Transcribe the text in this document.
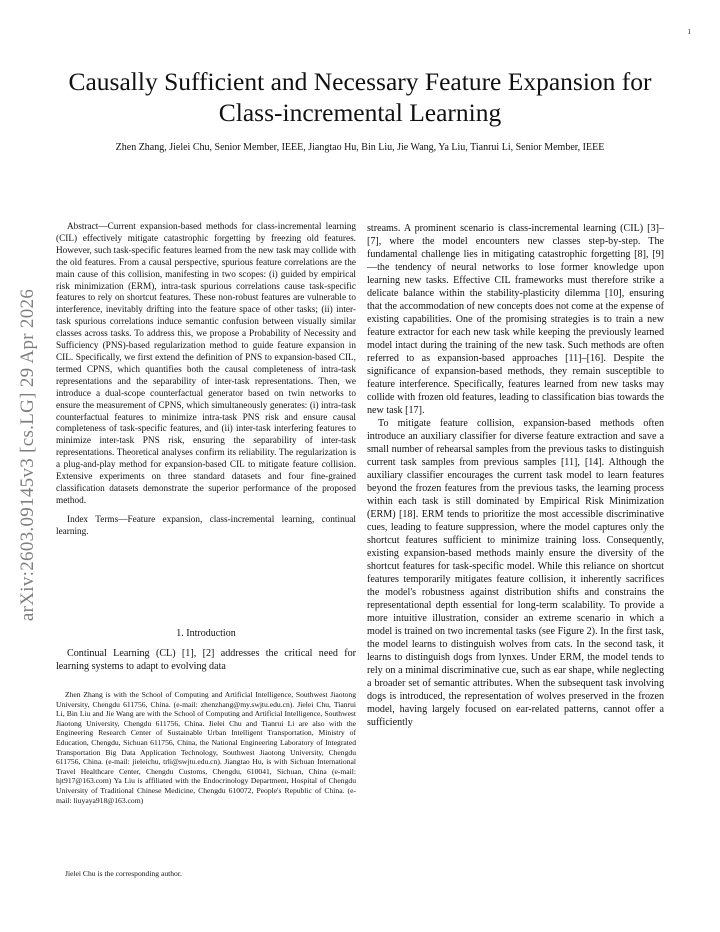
1
arXiv:2603.09145v3 [cs.LG] 29 Apr 2026
Causally Sufficient and Necessary Feature Expansion for Class-incremental Learning
Zhen Zhang, Jielei Chu, Senior Member, IEEE, Jiangtao Hu, Bin Liu, Jie Wang, Ya Liu, Tianrui Li, Senior Member, IEEE

Abstract—Current expansion-based methods for class-incremental learning (CIL) effectively mitigate catastrophic forgetting by freezing old features. However, such task-specific features learned from the new task may collide with the old features. From a causal perspective, spurious feature correlations are the main cause of this collision, manifesting in two scopes: (i) guided by empirical risk minimization (ERM), intra-task spurious correlations cause task-specific features to rely on shortcut features. These non-robust features are vulnerable to interference, inevitably drifting into the feature space of other tasks; (ii) inter-task spurious correlations induce semantic confusion between visually similar classes across tasks. To address this, we propose a Probability of Necessity and Sufficiency (PNS)-based regularization method to guide feature expansion in CIL. Specifically, we first extend the definition of PNS to expansion-based CIL, termed CPNS, which quantifies both the causal completeness of intra-task representations and the separability of inter-task representations. Then, we introduce a dual-scope counterfactual generator based on twin networks to ensure the measurement of CPNS, which simultaneously generates: (i) intra-task counterfactual features to minimize intra-task PNS risk and ensure causal completeness of task-specific features, and (ii) inter-task interfering features to minimize inter-task PNS risk, ensuring the separability of inter-task representations. Theoretical analyses confirm its reliability. The regularization is a plug-and-play method for expansion-based CIL to mitigate feature collision. Extensive experiments on three standard datasets and four fine-grained classification datasets demonstrate the superior performance of the proposed method.

Index Terms—Feature expansion, class-incremental learning, continual learning.

1. Introduction

Continual Learning (CL) [1], [2] addresses the critical need for learning systems to adapt to evolving data

Zhen Zhang is with the School of Computing and Artificial Intelligence, Southwest Jiaotong University, Chengdu 611756, China. (e-mail: zhenzhang@my.swjtu.edu.cn). Jielei Chu, Tianrui Li, Bin Liu and Jie Wang are with the School of Computing and Artificial Intelligence, Southwest Jiaotong University, Chengdu 611756, China. Jielei Chu and Tianrui Li are also with the Engineering Research Center of Sustainable Urban Intelligent Transportation, Ministry of Education, Chengdu, Sichuan 611756, China, the National Engineering Laboratory of Integrated Transportation Big Data Application Technology, Southwest Jiaotong University, Chengdu 611756, China. (e-mail: jieleichu, trli@swjtu.edu.cn). Jiangtao Hu, is with Sichuan International Travel Healthcare Center, Chengdu Customs, Chengdu, 610041, Sichuan, China (e-mail: hjt917@163.com) Ya Liu is affiliated with the Endocrinology Department, Hospital of Chengdu University of Traditional Chinese Medicine, Chengdu 610072, People's Republic of China. (e-mail: liuyaya918@163.com)

Jielei Chu is the corresponding author.

streams. A prominent scenario is class-incremental learning (CIL) [3]–[7], where the model encounters new classes step-by-step. The fundamental challenge lies in mitigating catastrophic forgetting [8], [9]—the tendency of neural networks to lose former knowledge upon learning new tasks. Effective CIL frameworks must therefore strike a delicate balance within the stability-plasticity dilemma [10], ensuring that the accommodation of new concepts does not come at the expense of existing capabilities. One of the promising strategies is to train a new feature extractor for each new task while keeping the previously learned model intact during the training of the new task. Such methods are often referred to as expansion-based approaches [11]–[16]. Despite the significance of expansion-based methods, they remain susceptible to feature interference. Specifically, features learned from new tasks may collide with frozen old features, leading to classification bias towards the new task [17].

To mitigate feature collision, expansion-based methods often introduce an auxiliary classifier for diverse feature extraction and save a small number of rehearsal samples from the previous tasks to distinguish current task samples from previous samples [11], [14]. Although the auxiliary classifier encourages the current task model to learn features beyond the frozen features from the previous tasks, the learning process within each task is still dominated by Empirical Risk Minimization (ERM) [18]. ERM tends to prioritize the most accessible discriminative cues, leading to feature suppression, where the model captures only the shortcut features sufficient to minimize training loss. Consequently, existing expansion-based methods mainly ensure the diversity of the shortcut features for task-specific model. While this reliance on shortcut features temporarily mitigates feature collision, it inherently sacrifices the model's robustness against distribution shifts and constrains the representational depth essential for long-term scalability. To provide a more intuitive illustration, consider an extreme scenario in which a model is trained on two incremental tasks (see Figure 2). In the first task, the model learns to distinguish wolves from cats. In the second task, it learns to distinguish dogs from lynxes. Under ERM, the model tends to rely on a minimal discriminative cue, such as ear shape, while neglecting a broader set of semantic attributes. When the subsequent task involving dogs is introduced, the representation of wolves preserved in the frozen model, having largely focused on ear-related patterns, cannot offer a sufficiently
